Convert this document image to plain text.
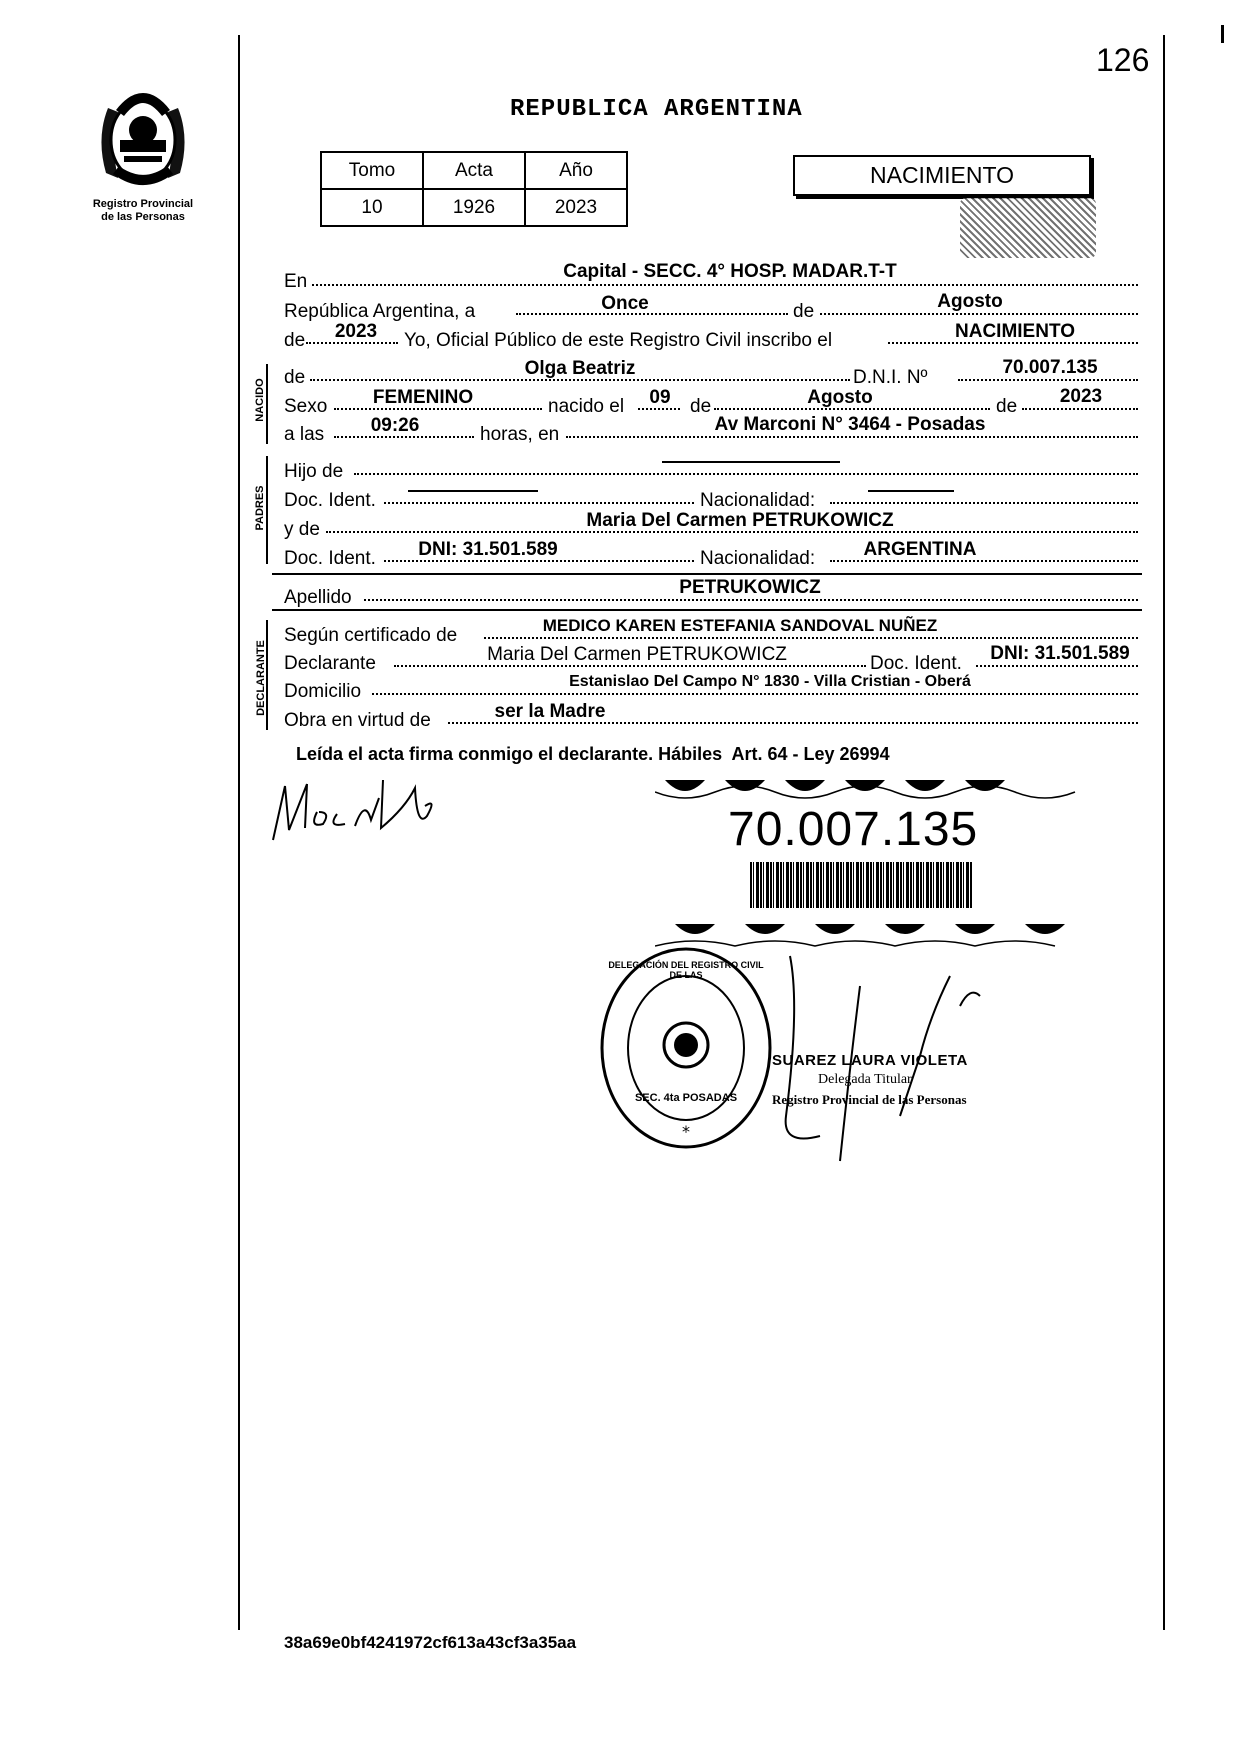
126
Registro Provincial
de las Personas
REPUBLICA ARGENTINA
Tomo	Acta	Año
10	1926	2023
NACIMIENTO
En	Capital - SECC. 4° HOSP. MADAR.T-T
República Argentina, a	Once	de	Agosto
de	2023	Yo, Oficial Público de este Registro Civil inscribo el	NACIMIENTO
NACIDO
de	Olga Beatriz	D.N.I. Nº	70.007.135
Sexo	FEMENINO	nacido el	09	de	Agosto	de	2023
a las	09:26	horas, en	Av Marconi N° 3464 - Posadas
PADRES
Hijo de
Doc. Ident.	Nacionalidad:
y de	Maria Del Carmen PETRUKOWICZ
Doc. Ident.	DNI: 31.501.589	Nacionalidad:	ARGENTINA
Apellido	PETRUKOWICZ
DECLARANTE
Según certificado de	MEDICO KAREN ESTEFANIA SANDOVAL NUÑEZ
Declarante	Maria Del Carmen PETRUKOWICZ	Doc. Ident.	DNI: 31.501.589
Domicilio	Estanislao Del Campo N° 1830 - Villa Cristian - Oberá
Obra en virtud de	ser la Madre
Leída el acta firma conmigo el declarante. Hábiles  Art. 64 - Ley 26994
70.007.135
*
DELEGACIÓN DEL REGISTRO CIVIL DE LAS
SEC. 4ta POSADAS
SUAREZ LAURA VIOLETA
Delegada Titular
Registro Provincial de las Personas
38a69e0bf4241972cf613a43cf3a35aa
